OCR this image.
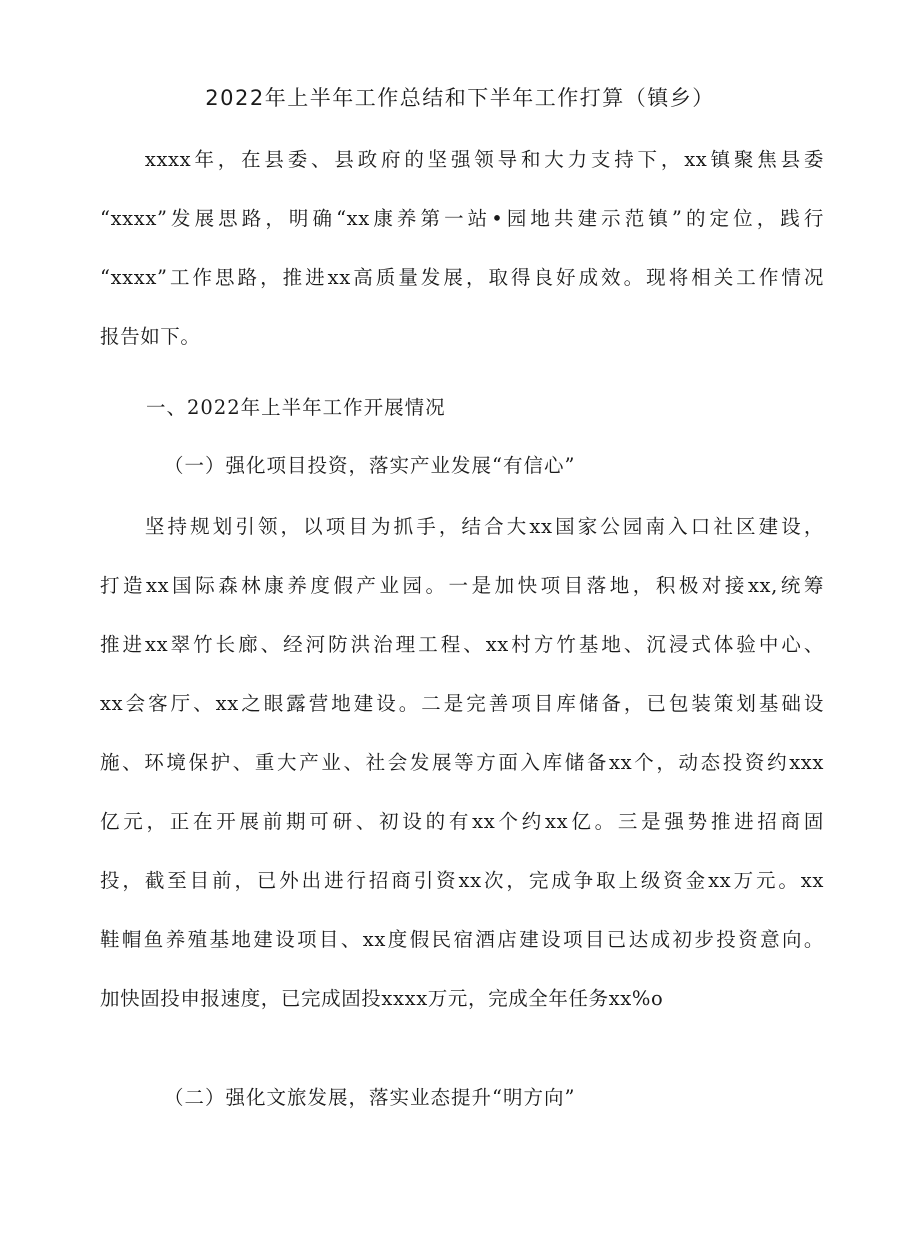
2022年上半年工作总结和下半年工作打算（镇乡）
xxxx年，在县委、县政府的坚强领导和大力支持下，xx镇聚焦县委
“xxxx”发展思路，明确“xx康养第一站•园地共建示范镇”的定位，践行
“xxxx”工作思路，推进xx高质量发展，取得良好成效。现将相关工作情况
报告如下。
一、2022年上半年工作开展情况
（一）强化项目投资，落实产业发展“有信心”
坚持规划引领，以项目为抓手，结合大xx国家公园南入口社区建设，
打造xx国际森林康养度假产业园。一是加快项目落地，积极对接xx,统筹
推进xx翠竹长廊、经河防洪治理工程、xx村方竹基地、沉浸式体验中心、
xx会客厅、xx之眼露营地建设。二是完善项目库储备，已包装策划基础设
施、环境保护、重大产业、社会发展等方面入库储备xx个，动态投资约xxx
亿元，正在开展前期可研、初设的有xx个约xx亿。三是强势推进招商固
投，截至目前，已外出进行招商引资xx次，完成争取上级资金xx万元。xx
鞋帽鱼养殖基地建设项目、xx度假民宿酒店建设项目已达成初步投资意向。
加快固投申报速度，已完成固投xxxx万元，完成全年任务xx%o
（二）强化文旅发展，落实业态提升“明方向”
